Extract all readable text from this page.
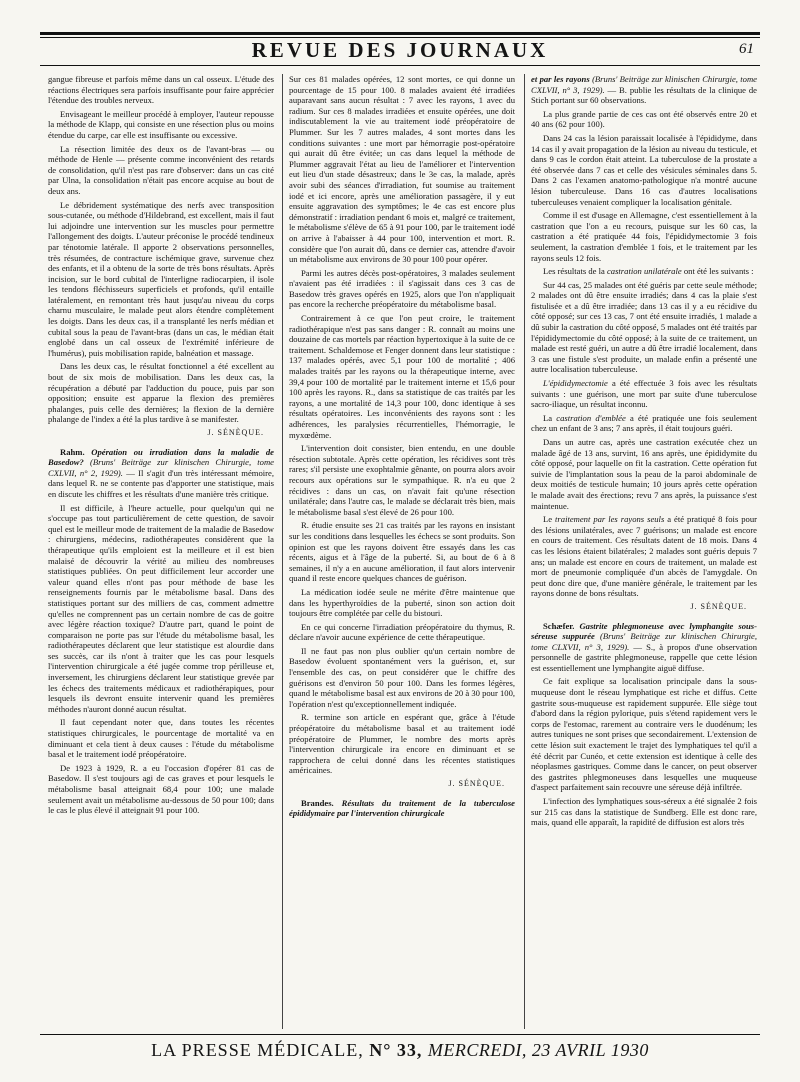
REVUE DES JOURNAUX	61

gangue fibreuse et parfois même dans un cal osseux. L'étude des réactions électriques sera parfois insuffisante pour faire apprécier l'étendue des troubles nerveux.

Envisageant le meilleur procédé à employer, l'auteur repousse la méthode de Klapp, qui consiste en une résection plus ou moins étendue du carpe, car elle est insuffisante ou excessive.

La résection limitée des deux os de l'avant-bras — ou méthode de Henle — présente comme inconvénient des retards de consolidation, qu'il n'est pas rare d'observer: dans un cas cité par Ulna, la consolidation n'était pas encore acquise au bout de deux ans.

Le débridement systématique des nerfs avec transposition sous-cutanée, ou méthode d'Hildebrand, est excellent, mais il faut lui adjoindre une intervention sur les muscles pour permettre l'allongement des doigts. L'auteur préconise le procédé tendineux par ténotomie latérale. Il apporte 2 observations personnelles, très résumées, de contracture ischémique grave, survenue chez des enfants, et il a obtenu de la sorte de très bons résultats. Après incision, sur le bord cubital de l'interligne radiocarpien, il isole les tendons fléchisseurs superficiels et profonds, qu'il entaille latéralement, en remontant très haut jusqu'au niveau du corps charnu musculaire, le malade peut alors étendre complètement les doigts. Dans les deux cas, il a transplanté les nerfs médian et cubital sous la peau de l'avant-bras (dans un cas, le médian était englobé dans un cal osseux de l'extrémité inférieure de l'humérus), puis mobilisation rapide, balnéation et massage.

Dans les deux cas, le résultat fonctionnel a été excellent au bout de six mois de mobilisation. Dans les deux cas, la récupération a débuté par l'adduction du pouce, puis par son opposition; ensuite est apparue la flexion des premières phalanges, puis celle des dernières; la flexion de la dernière phalange de l'index a été la plus tardive à se manifester.

J. SÉNÈQUE.

Rahm. Opération ou irradiation dans la maladie de Basedow? (Bruns' Beiträge zur klinischen Chirurgie, tome CXLVII, n° 2, 1929). — Il s'agit d'un très intéressant mémoire, dans lequel R. ne se contente pas d'apporter une statistique, mais en discute les chiffres et les résultats d'une manière très critique.

Il est difficile, à l'heure actuelle, pour quelqu'un qui ne s'occupe pas tout particulièrement de cette question, de savoir quel est le meilleur mode de traitement de la maladie de Basedow : chirurgiens, médecins, radiothérapeutes considèrent que la thérapeutique qu'ils emploient est la meilleure et il est bien malaisé de découvrir la vérité au milieu des nombreuses statistiques publiées. On peut difficilement leur accorder une valeur quand elles n'ont pas pour méthode de base les renseignements fournis par le métabolisme basal. Dans des statistiques portant sur des milliers de cas, comment admettre qu'elles ne comprennent pas un certain nombre de cas de goitre avec légère réaction toxique? D'autre part, quand le point de comparaison ne porte pas sur l'étude du métabolisme basal, les radiothérapeutes déclarent que leur statistique est alourdie dans ses succès, car ils n'ont à traiter que les cas pour lesquels l'intervention chirurgicale a été jugée comme trop périlleuse et, inversement, les chirurgiens déclarent leur statistique grevée par les échecs des traitements médicaux et radiothérapiques, pour lesquels ils devront ensuite intervenir quand les premières méthodes n'auront donné aucun résultat.

Il faut cependant noter que, dans toutes les récentes statistiques chirurgicales, le pourcentage de mortalité va en diminuant et cela tient à deux causes : l'étude du métabolisme basal et le traitement iodé préopératoire.

De 1923 à 1929, R. a eu l'occasion d'opérer 81 cas de Basedow. Il s'est toujours agi de cas graves et pour lesquels le métabolisme basal atteignait 68,4 pour 100; une malade seulement avait un métabolisme au-dessous de 50 pour 100; dans le cas le plus élevé il atteignait 91 pour 100.

Sur ces 81 malades opérées, 12 sont mortes, ce qui donne un pourcentage de 15 pour 100. 8 malades avaient été irradiées auparavant sans aucun résultat : 7 avec les rayons, 1 avec du radium. Sur ces 8 malades irradiées et ensuite opérées, une doit indiscutablement la vie au traitement iodé préopératoire de Plummer. Sur les 7 autres malades, 4 sont mortes dans les conditions suivantes : une mort par hémorragie post-opératoire qui aurait dû être évitée; un cas dans lequel la méthode de Plummer aggravait l'état au lieu de l'améliorer et l'intervention eut lieu d'un stade désastreux; dans le 3e cas, la malade, après avoir subi des séances d'irradiation, fut soumise au traitement iodé et ici encore, après une amélioration passagère, il y eut ensuite aggravation des symptômes; le 4e cas est encore plus démonstratif : irradiation pendant 6 mois et, malgré ce traitement, le métabolisme s'élève de 65 à 91 pour 100, par le traitement iodé on arrive à l'abaisser à 44 pour 100, intervention et mort. R. considère que l'on aurait dû, dans ce dernier cas, attendre d'avoir un métabolisme aux environs de 30 pour 100 pour opérer.

Parmi les autres décès post-opératoires, 3 malades seulement n'avaient pas été irradiées : il s'agissait dans ces 3 cas de Basedow très graves opérés en 1925, alors que l'on n'appliquait pas encore la recherche préopératoire du métabolisme basal.

Contrairement à ce que l'on peut croire, le traitement radiothérapique n'est pas sans danger : R. connaît au moins une douzaine de cas mortels par réaction hypertoxique à la suite de ce traitement. Schaldemose et Fenger donnent dans leur statistique : 137 malades opérés, avec 5,1 pour 100 de mortalité ; 406 malades traités par les rayons ou la thérapeutique interne, avec 39,4 pour 100 de mortalité par le traitement interne et 15,6 pour 100 après les rayons. R., dans sa statistique de cas traités par les rayons, a une mortalité de 14,3 pour 100, donc identique à ses résultats opératoires. Les inconvénients des rayons sont : les adhérences, les paralysies récurrentielles, l'hémorragie, le myxœdème.

L'intervention doit consister, bien entendu, en une double résection subtotale. Après cette opération, les récidives sont très rares; s'il persiste une exophtalmie gênante, on pourra alors avoir recours aux opérations sur le sympathique. R. n'a eu que 2 récidives : dans un cas, on n'avait fait qu'une résection unilatérale; dans l'autre cas, le malade se déclarait très bien, mais le métabolisme basal s'est élevé de 26 pour 100.

R. étudie ensuite ses 21 cas traités par les rayons en insistant sur les conditions dans lesquelles les échecs se sont produits. Son opinion est que les rayons doivent être essayés dans les cas récents, aigus et à l'âge de la puberté. Si, au bout de 6 à 8 semaines, il n'y a en aucune amélioration, il faut alors intervenir quand il reste encore quelques chances de guérison.

La médication iodée seule ne mérite d'être maintenue que dans les hyperthyroïdies de la puberté, sinon son action doit toujours être complétée par celle du bistouri.

En ce qui concerne l'irradiation préopératoire du thymus, R. déclare n'avoir aucune expérience de cette thérapeutique.

Il ne faut pas non plus oublier qu'un certain nombre de Basedow évoluent spontanément vers la guérison, et, sur l'ensemble des cas, on peut considérer que le chiffre des guérisons est d'environ 50 pour 100. Dans les formes légères, quand le métabolisme basal est aux environs de 20 à 30 pour 100, l'opération n'est qu'exceptionnellement indiquée.

R. termine son article en espérant que, grâce à l'étude préopératoire du métabolisme basal et au traitement iodé préopératoire de Plummer, le nombre des morts après l'intervention chirurgicale ira encore en diminuant et se rapprochera de celui donné dans les récentes statistiques américaines.

J. SÉNÈQUE.

Brandes. Résultats du traitement de la tuberculose épididymaire par l'intervention chirurgicale

et par les rayons (Bruns' Beiträge zur klinischen Chirurgie, tome CXLVII, n° 3, 1929). — B. publie les résultats de la clinique de Stich portant sur 60 observations.

La plus grande partie de ces cas ont été observés entre 20 et 40 ans (62 pour 100).

Dans 24 cas la lésion paraissait localisée à l'épididyme, dans 14 cas il y avait propagation de la lésion au niveau du testicule, et dans 9 cas le cordon était atteint. La tuberculose de la prostate a été observée dans 7 cas et celle des vésicules séminales dans 5. Dans 2 cas l'examen anatomo-pathologique n'a montré aucune lésion tuberculeuse. Dans 16 cas d'autres localisations tuberculeuses venaient compliquer la localisation génitale.

Comme il est d'usage en Allemagne, c'est essentiellement à la castration que l'on a eu recours, puisque sur les 60 cas, la castration a été pratiquée 44 fois, l'épididymectomie 3 fois seulement, la castration d'emblée 1 fois, et le traitement par les rayons seuls 12 fois.

Les résultats de la castration unilatérale ont été les suivants :

Sur 44 cas, 25 malades ont été guéris par cette seule méthode; 2 malades ont dû être ensuite irradiés; dans 4 cas la plaie s'est fistulisée et a dû être irradiée; dans 13 cas il y a eu récidive du côté opposé; sur ces 13 cas, 7 ont été ensuite irradiés, 1 malade a dû subir la castration du côté opposé, 5 malades ont été traités par l'épididymectomie du côté opposé; à la suite de ce traitement, un malade est resté guéri, un autre a dû être irradié localement, dans 3 cas une fistule s'est produite, un malade enfin a présenté une autre localisation tuberculeuse.

L'épididymectomie a été effectuée 3 fois avec les résultats suivants : une guérison, une mort par suite d'une tuberculose sacro-iliaque, un résultat inconnu.

La castration d'emblée a été pratiquée une fois seulement chez un enfant de 3 ans; 7 ans après, il était toujours guéri.

Dans un autre cas, après une castration exécutée chez un malade âgé de 13 ans, survint, 16 ans après, une épididymite du côté opposé, pour laquelle on fit la castration. Cette opération fut suivie de l'implantation sous la peau de la paroi abdominale de deux moitiés de testicule humain; 10 jours après cette opération le malade avait des érections; revu 7 ans après, la puissance s'est maintenue.

Le traitement par les rayons seuls a été pratiqué 8 fois pour des lésions unilatérales, avec 7 guérisons; un malade est encore en cours de traitement. Ces résultats datent de 18 mois. Dans 4 cas les lésions étaient bilatérales; 2 malades sont guéris depuis 7 ans; un malade est encore en cours de traitement, un malade est mort de pneumonie compliquée d'un abcès de l'amygdale. On peut donc dire que, d'une manière générale, le traitement par les rayons donne de bons résultats.

J. SÉNÈQUE.

Schæfer. Gastrite phlegmoneuse avec lymphangite sous-séreuse suppurée (Bruns' Beiträge zur klinischen Chirurgie, tome CLXVII, n° 3, 1929). — S., à propos d'une observation personnelle de gastrite phlegmoneuse, rappelle que cette lésion est essentiellement une lymphangite aiguë diffuse.

Ce fait explique sa localisation principale dans la sous-muqueuse dont le réseau lymphatique est riche et diffus. Cette gastrite sous-muqueuse est rapidement suppurée. Elle siège tout d'abord dans la région pylorique, puis s'étend rapidement vers le corps de l'estomac, rarement au contraire vers le duodénum; les autres tuniques ne sont prises que secondairement. L'extension de cette lésion suit exactement le trajet des lymphatiques tel qu'il a été décrit par Cunéo, et cette extension est identique à celle des néoplasmes gastriques. Comme dans le cancer, on peut observer des gastrites phlegmoneuses dans lesquelles une muqueuse d'aspect parfaitement sain recouvre une séreuse déjà infiltrée.

L'infection des lymphatiques sous-séreux a été signalée 2 fois sur 215 cas dans la statistique de Sundberg. Elle est donc rare, mais, quand elle apparaît, la rapidité de diffusion est alors très

LA PRESSE MÉDICALE, N° 33, MERCREDI, 23 AVRIL 1930
